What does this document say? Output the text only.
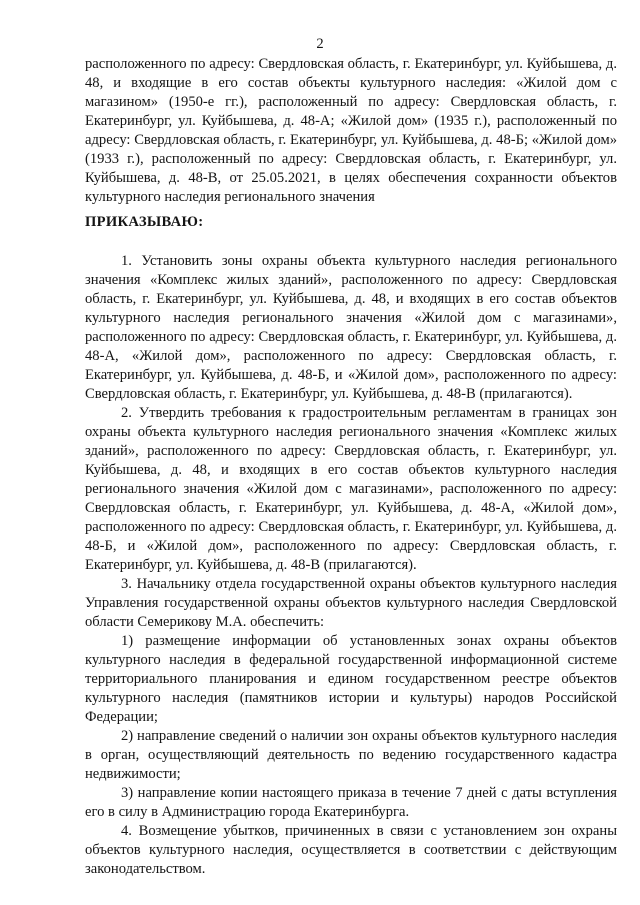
2
расположенного по адресу: Свердловская область, г. Екатеринбург, ул. Куйбышева, д. 48, и входящие в его состав объекты культурного наследия: «Жилой дом с магазином» (1950-е гг.), расположенный по адресу: Свердловская область, г. Екатеринбург, ул. Куйбышева, д. 48-А; «Жилой дом» (1935 г.), расположенный по адресу: Свердловская область, г. Екатеринбург, ул. Куйбышева, д. 48-Б; «Жилой дом» (1933 г.), расположенный по адресу: Свердловская область, г. Екатеринбург, ул. Куйбышева, д. 48-В, от 25.05.2021, в целях обеспечения сохранности объектов культурного наследия регионального значения
ПРИКАЗЫВАЮ:

1. Установить зоны охраны объекта культурного наследия регионального значения «Комплекс жилых зданий», расположенного по адресу: Свердловская область, г. Екатеринбург, ул. Куйбышева, д. 48, и входящих в его состав объектов культурного наследия регионального значения «Жилой дом с магазинами», расположенного по адресу: Свердловская область, г. Екатеринбург, ул. Куйбышева, д. 48-А, «Жилой дом», расположенного по адресу: Свердловская область, г. Екатеринбург, ул. Куйбышева, д. 48-Б, и «Жилой дом», расположенного по адресу: Свердловская область, г. Екатеринбург, ул. Куйбышева, д. 48-В (прилагаются).

2. Утвердить требования к градостроительным регламентам в границах зон охраны объекта культурного наследия регионального значения «Комплекс жилых зданий», расположенного по адресу: Свердловская область, г. Екатеринбург, ул. Куйбышева, д. 48, и входящих в его состав объектов культурного наследия регионального значения «Жилой дом с магазинами», расположенного по адресу: Свердловская область, г. Екатеринбург, ул. Куйбышева, д. 48-А, «Жилой дом», расположенного по адресу: Свердловская область, г. Екатеринбург, ул. Куйбышева, д. 48-Б, и «Жилой дом», расположенного по адресу: Свердловская область, г. Екатеринбург, ул. Куйбышева, д. 48-В (прилагаются).

3. Начальнику отдела государственной охраны объектов культурного наследия Управления государственной охраны объектов культурного наследия Свердловской области Семерикову М.А. обеспечить:

1) размещение информации об установленных зонах охраны объектов культурного наследия в федеральной государственной информационной системе территориального планирования и едином государственном реестре объектов культурного наследия (памятников истории и культуры) народов Российской Федерации;

2) направление сведений о наличии зон охраны объектов культурного наследия в орган, осуществляющий деятельность по ведению государственного кадастра недвижимости;

3) направление копии настоящего приказа в течение 7 дней с даты вступления его в силу в Администрацию города Екатеринбурга.

4. Возмещение убытков, причиненных в связи с установлением зон охраны объектов культурного наследия, осуществляется в соответствии с действующим законодательством.
